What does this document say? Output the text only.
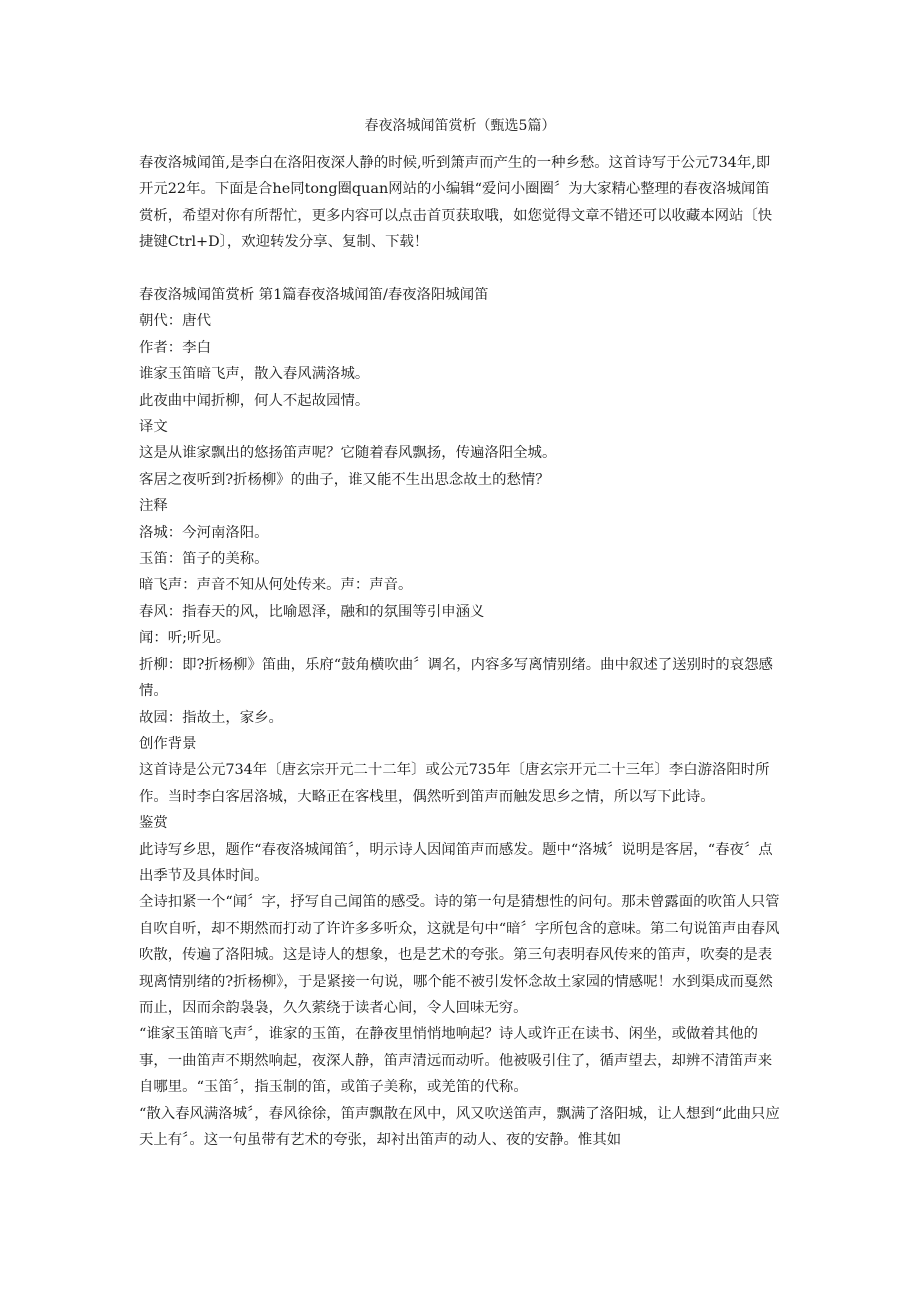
春夜洛城闻笛赏析（甄选5篇）

春夜洛城闻笛,是李白在洛阳夜深人静的时候,听到箫声而产生的一种乡愁。这首诗写于公元734年,即开元22年。下面是合he同tong圈quan网站的小编辑“爱问小圈圈〞为大家精心整理的春夜洛城闻笛赏析，希望对你有所帮忙，更多内容可以点击首页获取哦，如您觉得文章不错还可以收藏本网站〔快捷键Ctrl+D〕，欢迎转发分享、复制、下载！

春夜洛城闻笛赏析 第1篇春夜洛城闻笛/春夜洛阳城闻笛

朝代：唐代

作者：李白

谁家玉笛暗飞声，散入春风满洛城。

此夜曲中闻折柳，何人不起故园情。

译文

这是从谁家飘出的悠扬笛声呢？它随着春风飘扬，传遍洛阳全城。

客居之夜听到?折杨柳》的曲子，谁又能不生出思念故土的愁情？

注释

洛城：今河南洛阳。

玉笛：笛子的美称。

暗飞声：声音不知从何处传来。声：声音。

春风：指春天的风，比喻恩泽，融和的氛围等引申涵义

闻：听;听见。

折柳：即?折杨柳》笛曲，乐府“鼓角横吹曲〞调名，内容多写离情别绪。曲中叙述了送别时的哀怨感情。

故园：指故土，家乡。

创作背景

这首诗是公元734年〔唐玄宗开元二十二年〕或公元735年〔唐玄宗开元二十三年〕李白游洛阳时所作。当时李白客居洛城，大略正在客栈里，偶然听到笛声而触发思乡之情，所以写下此诗。

鉴赏

此诗写乡思，题作“春夜洛城闻笛〞，明示诗人因闻笛声而感发。题中“洛城〞说明是客居，“春夜〞点出季节及具体时间。

全诗扣紧一个“闻〞字，抒写自己闻笛的感受。诗的第一句是猜想性的问句。那未曾露面的吹笛人只管自吹自听，却不期然而打动了许许多多听众，这就是句中“暗〞字所包含的意味。第二句说笛声由春风吹散，传遍了洛阳城。这是诗人的想象，也是艺术的夸张。第三句表明春风传来的笛声，吹奏的是表现离情别绪的?折杨柳》，于是紧接一句说，哪个能不被引发怀念故土家园的情感呢！水到渠成而戛然而止，因而余韵袅袅，久久萦绕于读者心间，令人回味无穷。

“谁家玉笛暗飞声〞，谁家的玉笛，在静夜里悄悄地响起？诗人或许正在读书、闲坐，或做着其他的事，一曲笛声不期然响起，夜深人静，笛声清远而动听。他被吸引住了，循声望去，却辨不清笛声来自哪里。“玉笛〞，指玉制的笛，或笛子美称，或羌笛的代称。

“散入春风满洛城〞，春风徐徐，笛声飘散在风中，风又吹送笛声，飘满了洛阳城，让人想到“此曲只应天上有〞。这一句虽带有艺术的夸张，却衬出笛声的动人、夜的安静。惟其如
